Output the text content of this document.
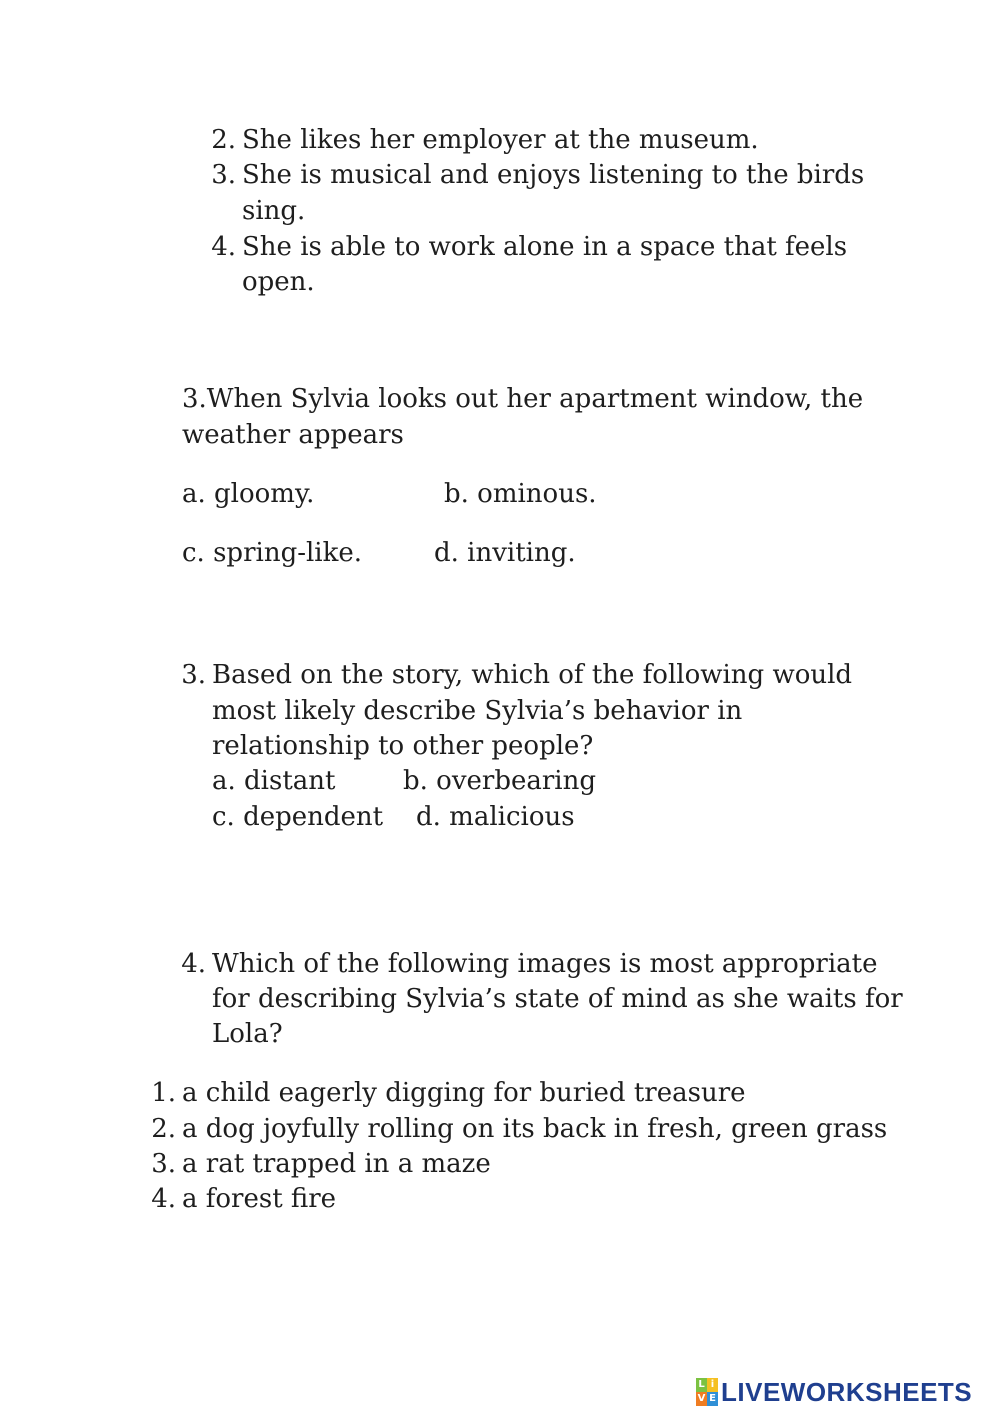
2. She likes her employer at the museum.
3. She is musical and enjoys listening to the birds
sing.
4. She is able to work alone in a space that feels
open.
3.When Sylvia looks out her apartment window, the
weather appears
a. gloomy.	b. ominous.
c. spring-like.	d. inviting.
3. Based on the story, which of the following would
most likely describe Sylvia’s behavior in
relationship to other people?
a. distant	b. overbearing
c. dependent d. malicious
4. Which of the following images is most appropriate
for describing Sylvia’s state of mind as she waits for
Lola?
1. a child eagerly digging for buried treasure
2. a dog joyfully rolling on its back in fresh, green grass
3. a rat trapped in a maze
4. a forest fire
L i
V E LIVEWORKSHEETS
